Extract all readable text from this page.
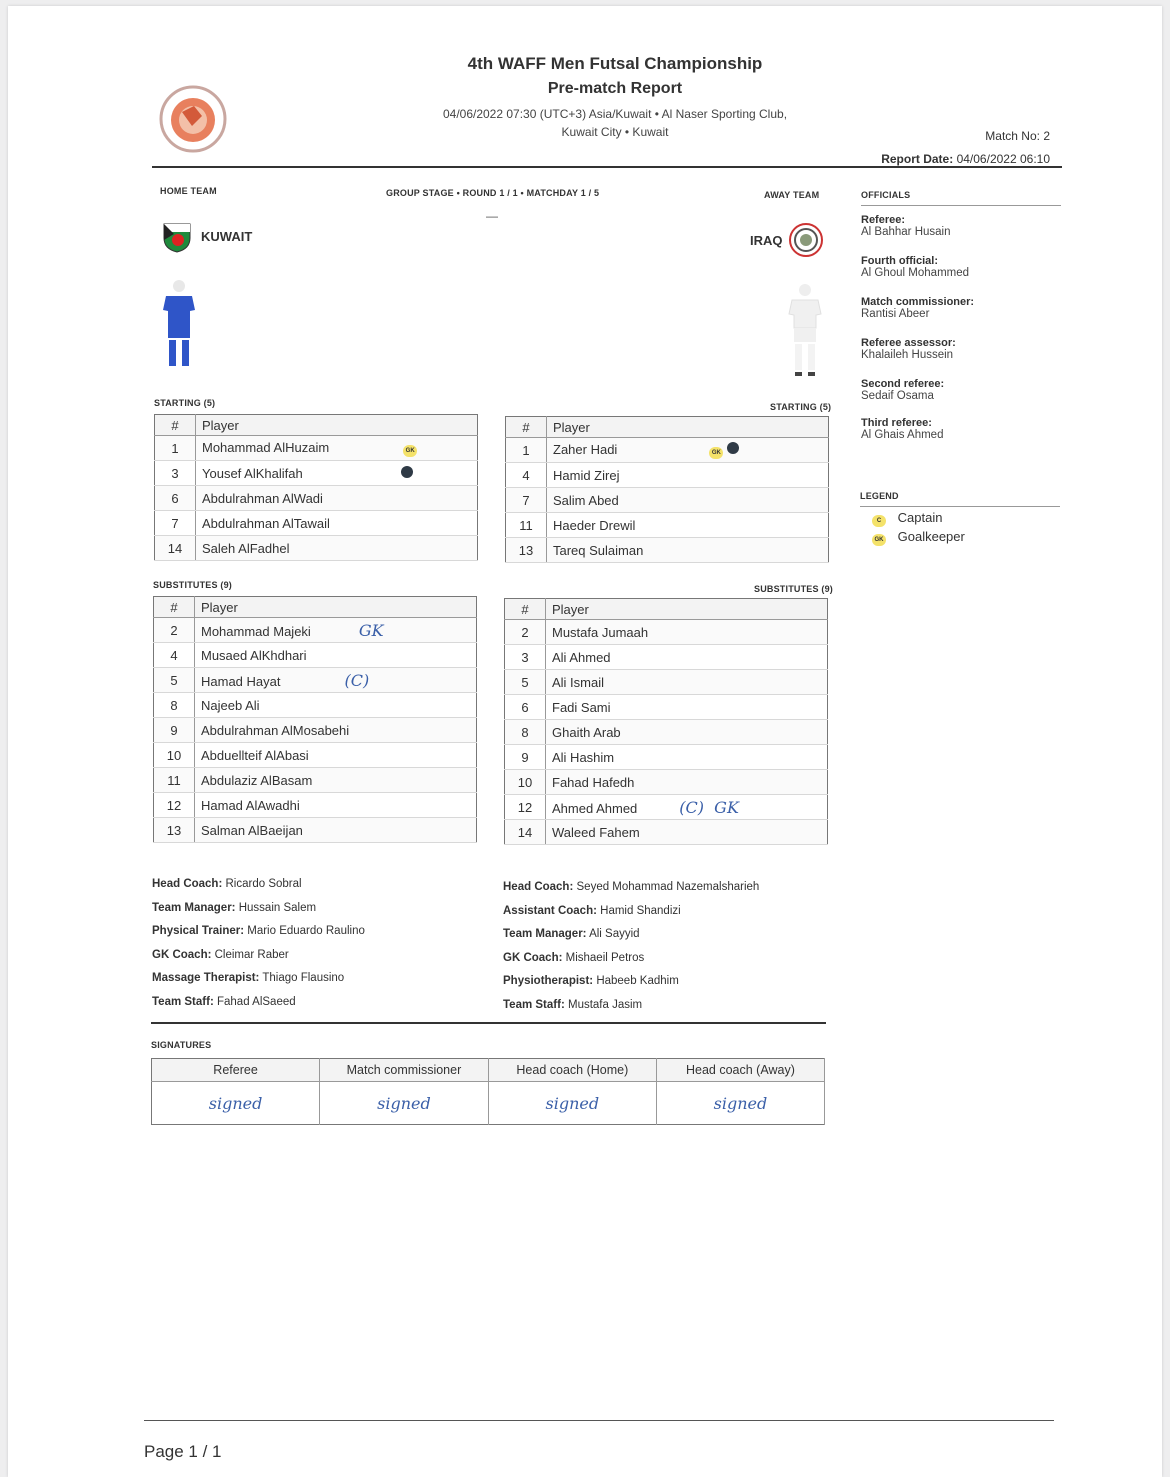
4th WAFF Men Futsal Championship
Pre-match Report
04/06/2022 07:30 (UTC+3) Asia/Kuwait • Al Naser Sporting Club,
Kuwait City • Kuwait	Match No: 2
Report Date: 04/06/2022 06:10
HOME TEAM	GROUP STAGE • ROUND 1 / 1 • MATCHDAY 1 / 5
—
AWAY TEAM
KUWAIT	IRAQ
STARTING (5)
#	Player
1	Mohammad AlHuzaim GK
3	Yousef AlKhalifah
6	Abdulrahman AlWadi
7	Abdulrahman AlTawail
14	Saleh AlFadhel
STARTING (5)
#	Player
1	Zaher Hadi GK
4	Hamid Zirej
7	Salim Abed
11	Haeder Drewil
13	Tareq Sulaiman
SUBSTITUTES (9)
#	Player
2	Mohammad Majeki GK
4	Musaed AlKhdhari
5	Hamad Hayat (C)
8	Najeeb Ali
9	Abdulrahman AlMosabehi
10	Abduellteif AlAbasi
11	Abdulaziz AlBasam
12	Hamad AlAwadhi
13	Salman AlBaeijan
SUBSTITUTES (9)
#	Player
2	Mustafa Jumaah
3	Ali Ahmed
5	Ali Ismail
6	Fadi Sami
8	Ghaith Arab
9	Ali Hashim
10	Fahad Hafedh
12	Ahmed Ahmed (C)  GK
14	Waleed Fahem
Head Coach: Ricardo Sobral
Team Manager: Hussain Salem
Physical Trainer: Mario Eduardo Raulino
GK Coach: Cleimar Raber
Massage Therapist: Thiago Flausino
Team Staff: Fahad AlSaeed
Head Coach: Seyed Mohammad Nazemalsharieh
Assistant Coach: Hamid Shandizi
Team Manager: Ali Sayyid
GK Coach: Mishaeil Petros
Physiotherapist: Habeeb Kadhim
Team Staff: Mustafa Jasim
OFFICIALS
Referee:
Al Bahhar Husain
Fourth official:
Al Ghoul Mohammed
Match commissioner:
Rantisi Abeer
Referee assessor:
Khalaileh Hussein
Second referee:
Sedaif Osama
Third referee:
Al Ghais Ahmed
LEGEND
C Captain
GK Goalkeeper
SIGNATURES
Referee	Match commissioner	Head coach (Home)	Head coach (Away)
signed	signed	signed	signed
Page 1 / 1
